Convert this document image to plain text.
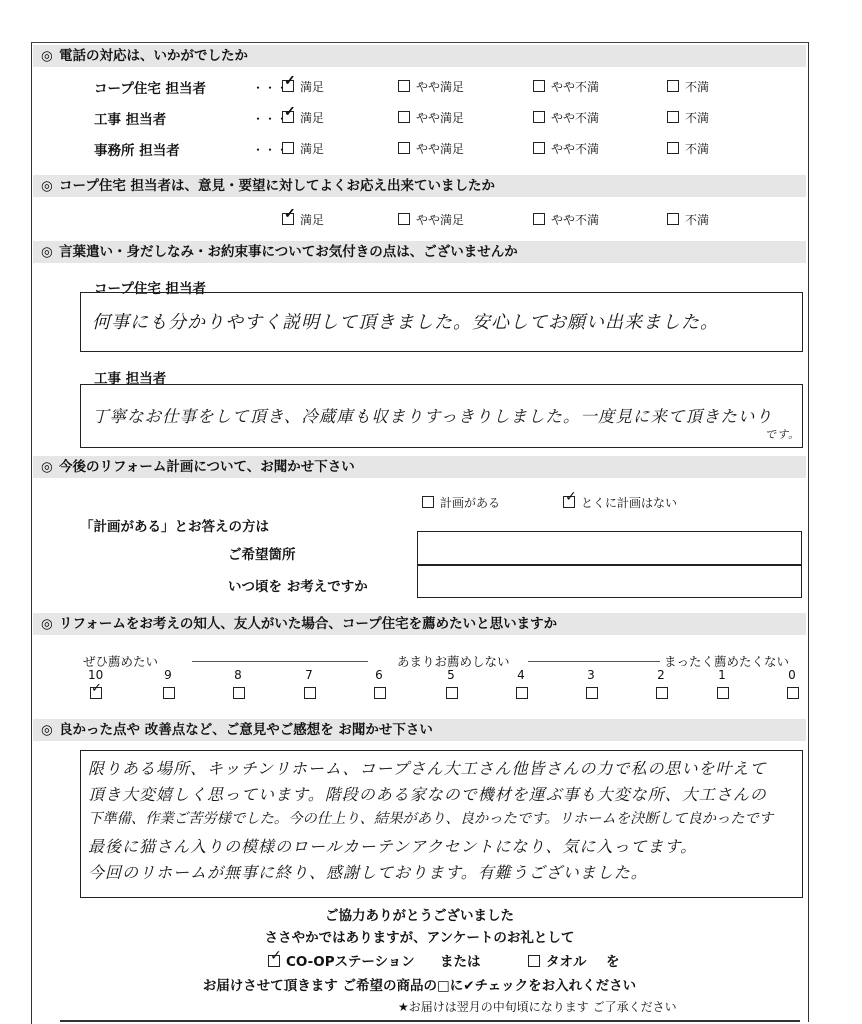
◎ 電話の対応は、いかがでしたか
コープ住宅 担当者	・・・ ✓ 満足	やや満足	やや不満	不満
工事 担当者	・・・ ✓ 満足	やや満足	やや不満	不満
事務所 担当者	・・・ 満足	やや満足	やや不満	不満
◎ コープ住宅 担当者は、意見・要望に対してよくお応え出来ていましたか
✓満足	やや満足	やや不満	不満
◎ 言葉遣い・身だしなみ・お約束事についてお気付きの点は、ございませんか
コープ住宅 担当者
何事にも分かりやすく説明して頂きました。安心してお願い出来ました。
工事 担当者
丁寧なお仕事をして頂き、冷蔵庫も収まりすっきりしました。一度見に来て頂きたいり
です。
◎ 今後のリフォーム計画について、お聞かせ下さい
計画がある ✓	とくに計画はない
「計画がある」とお答えの方は
ご希望箇所
いつ頃を お考えですか
◎ リフォームをお考えの知人、友人がいた場合、コープ住宅を薦めたいと思いますか
ぜひ薦めたい	あまりお薦めしない	まったく薦めたくない
10	9	8	7	6	5	4	3	2	1	0
✓
◎ 良かった点や 改善点など、ご意見やご感想を お聞かせ下さい
限りある場所、キッチンリホーム、コープさん大工さん他皆さんの力で私の思いを叶えて
頂き大変嬉しく思っています。階段のある家なので機材を運ぶ事も大変な所、大工さんの
下準備、作業ご苦労様でした。今の仕上り、結果があり、良かったです。リホームを決断して良かったです
最後に猫さん入りの模様のロールカーテンアクセントになり、気に入ってます。
今回のリホームが無事に終り、感謝しております。有難うございました。
ご協力ありがとうございました
ささやかではありますが、アンケートのお礼として
✓CO-OPステーション または	タオル を
お届けさせて頂きます ご希望の商品の□に✔チェックをお入れください
★お届けは翌月の中旬頃になります ご了承ください
